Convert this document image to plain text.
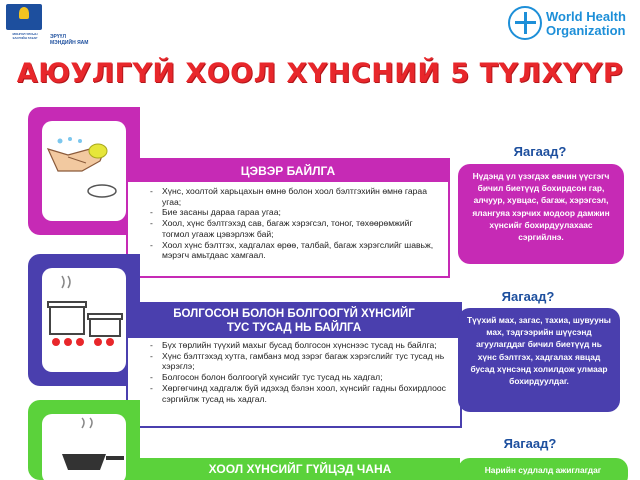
МОНГОЛ УЛСЫН ЗАСГИЙН ГАЗАР	ЭРҮҮЛ
МЭНДИЙН ЯАМ
World Health
Organization
АЮУЛГҮЙ ХООЛ ХҮНСНИЙ 5 ТҮЛХҮҮР
ЦЭВЭР БАЙЛГА
- Хүнс, хоолтой харьцахын өмнө болон хоол бэлтгэхийн өмнө гараа угаа;
- Бие засаны дараа гараа угаа;
- Хоол, хүнс бэлтгэхэд сав, багаж хэрэгсэл, тоног, төхөөрөмжийг тогмол угааж цэвэрлэж бай;
- Хоол хүнс бэлтгэх, хадгалах өрөө, талбай, багаж хэрэгслийг шавьж, мэрэгч амьтдаас хамгаал.
Яагаад?
Нүдэнд үл үзэгдэх өвчин үүсгэгч бичил биетүүд бохирдсон гар, алчуур, хувцас, багаж, хэрэгсэл, ялангуяа хэрчих модоор дамжин хүнсийг бохирдуулахаас сэргийлнэ.
БОЛГОСОН БОЛОН БОЛГООГҮЙ ХҮНСИЙГ
ТУС ТУСАД НЬ БАЙЛГА
- Бүх төрлийн түүхий махыг бусад болгосон хүнснээс тусад нь байлга;
- Хүнс бэлтгэхэд хутга, гамбанз мод зэрэг багаж хэрэгслийг тус тусад нь хэрэглэ;
- Болгосон болон болгоогүй хүнсийг тус тусад нь хадгал;
- Хөргөгчинд хадгалж буй идэхэд бэлэн хоол, хүнсийг гадны бохирдлоос сэргийлж тусад нь хадгал.
Яагаад?
Түүхий мах, загас, тахиа, шувууны мах, тэдгээрийн шүүсэнд агуулагддаг бичил биетүүд нь хүнс бэлтгэх, хадгалах явцад бусад хүнсэнд холилдож улмаар бохирдуулдаг.
ХООЛ ХҮНСИЙГ ГҮЙЦЭД ЧАНА
Яагаад?
Нарийн судлалд ажиглагдаг
